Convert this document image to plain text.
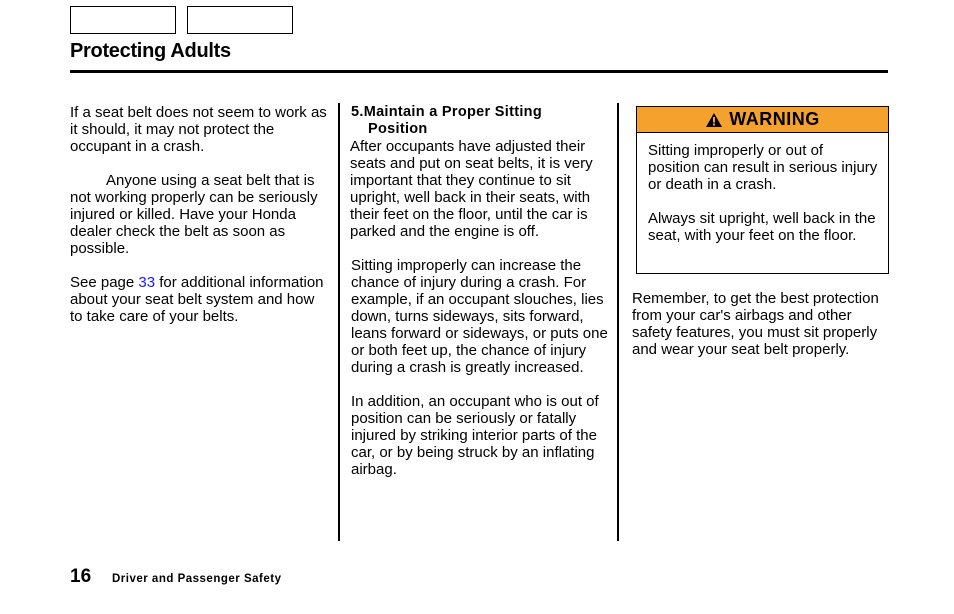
Protecting Adults

If a seat belt does not seem to work as it should, it may not protect the occupant in a crash.

Anyone using a seat belt that is not working properly can be seriously injured or killed. Have your Honda dealer check the belt as soon as possible.

See page 33 for additional information about your seat belt system and how to take care of your belts.

5.Maintain a Proper Sitting
Position

After occupants have adjusted their seats and put on seat belts, it is very important that they continue to sit upright, well back in their seats, with their feet on the floor, until the car is parked and the engine is off.

Sitting improperly can increase the chance of injury during a crash. For example, if an occupant slouches, lies down, turns sideways, sits forward, leans forward or sideways, or puts one or both feet up, the chance of injury during a crash is greatly increased.

In addition, an occupant who is out of position can be seriously or fatally injured by striking interior parts of the car, or by being struck by an inflating airbag.

WARNING

Sitting improperly or out of position can result in serious injury or death in a crash.

Always sit upright, well back in the seat, with your feet on the floor.

Remember, to get the best protection from your car's airbags and other safety features, you must sit properly and wear your seat belt properly.

16 Driver and Passenger Safety
